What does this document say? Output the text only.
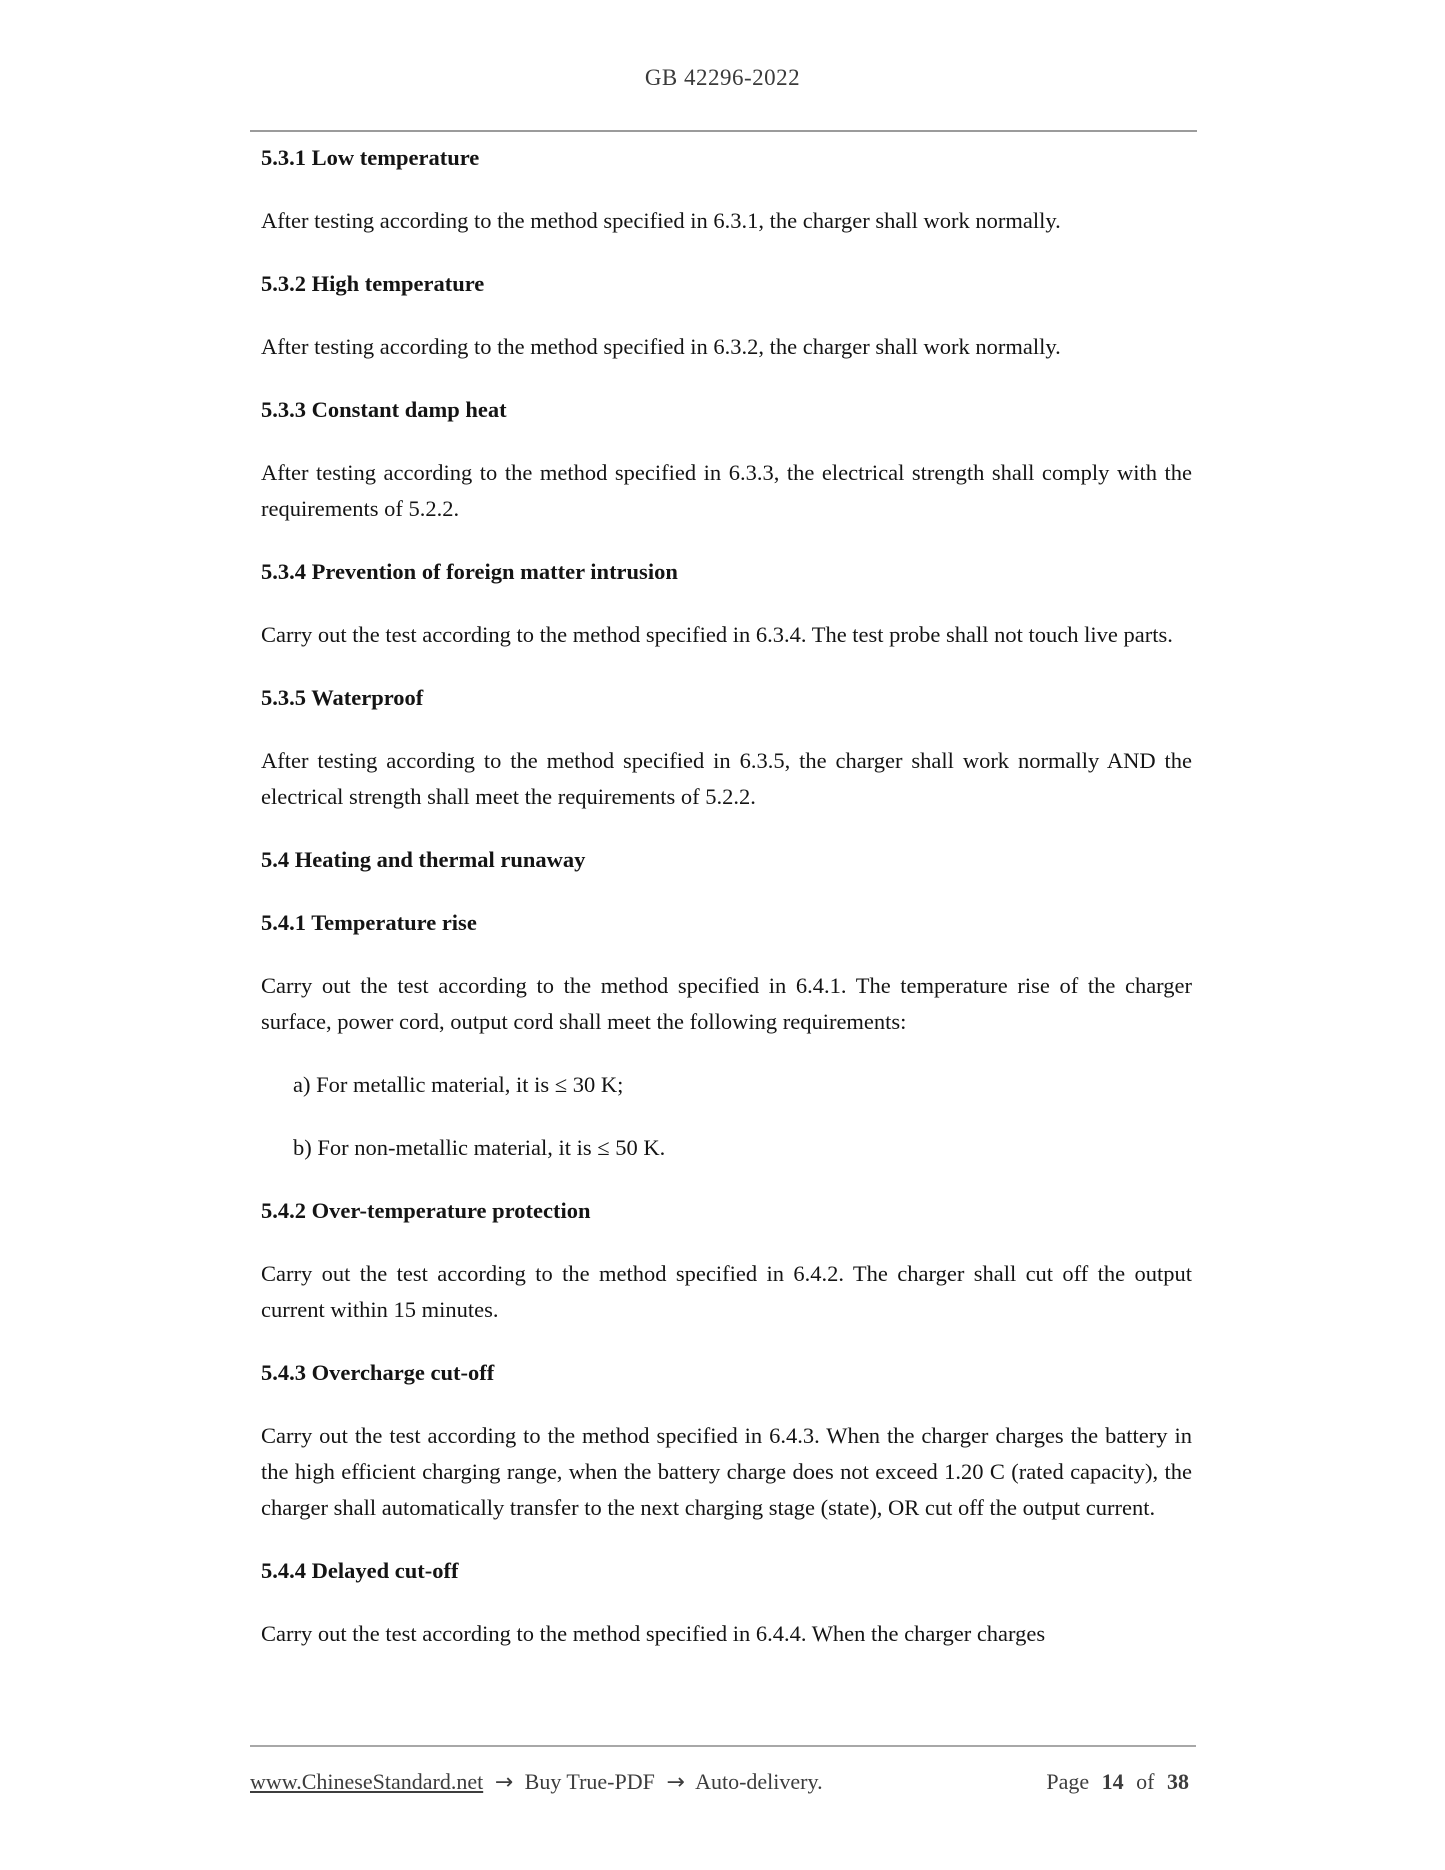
GB 42296-2022
5.3.1 Low temperature
After testing according to the method specified in 6.3.1, the charger shall work normally.
5.3.2 High temperature
After testing according to the method specified in 6.3.2, the charger shall work normally.
5.3.3 Constant damp heat
After testing according to the method specified in 6.3.3, the electrical strength shall comply with the requirements of 5.2.2.
5.3.4 Prevention of foreign matter intrusion
Carry out the test according to the method specified in 6.3.4. The test probe shall not touch live parts.
5.3.5 Waterproof
After testing according to the method specified in 6.3.5, the charger shall work normally AND the electrical strength shall meet the requirements of 5.2.2.
5.4 Heating and thermal runaway
5.4.1 Temperature rise
Carry out the test according to the method specified in 6.4.1. The temperature rise of the charger surface, power cord, output cord shall meet the following requirements:
a) For metallic material, it is ≤ 30 K;
b) For non-metallic material, it is ≤ 50 K.
5.4.2 Over-temperature protection
Carry out the test according to the method specified in 6.4.2. The charger shall cut off the output current within 15 minutes.
5.4.3 Overcharge cut-off
Carry out the test according to the method specified in 6.4.3. When the charger charges the battery in the high efficient charging range, when the battery charge does not exceed 1.20 C (rated capacity), the charger shall automatically transfer to the next charging stage (state), OR cut off the output current.
5.4.4 Delayed cut-off
Carry out the test according to the method specified in 6.4.4. When the charger charges
www.ChineseStandard.net → Buy True-PDF → Auto-delivery.	Page 14 of 38
